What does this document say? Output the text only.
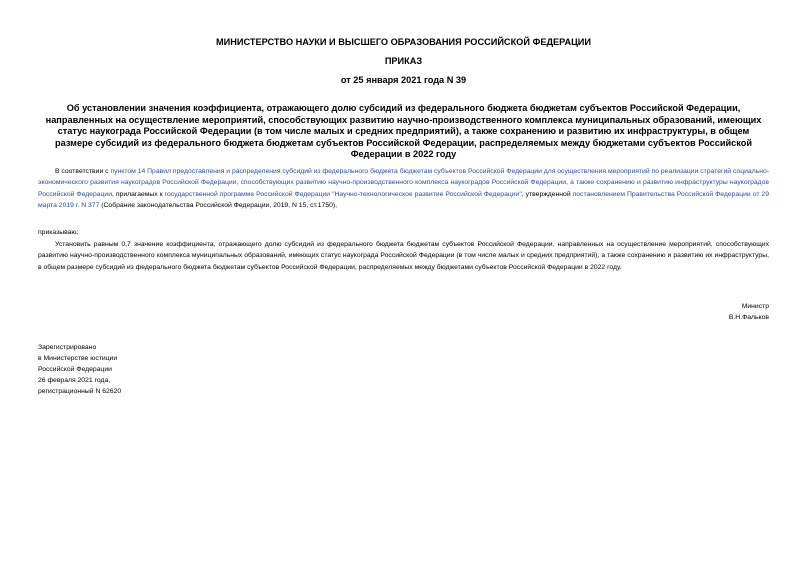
МИНИСТЕРСТВО НАУКИ И ВЫСШЕГО ОБРАЗОВАНИЯ РОССИЙСКОЙ ФЕДЕРАЦИИ
ПРИКАЗ
от 25 января 2021 года N 39
Об установлении значения коэффициента, отражающего долю субсидий из федерального бюджета бюджетам субъектов Российской Федерации, направленных на осуществление мероприятий, способствующих развитию научно-производственного комплекса муниципальных образований, имеющих статус наукограда Российской Федерации (в том числе малых и средних предприятий), а также сохранению и развитию их инфраструктуры, в общем размере субсидий из федерального бюджета бюджетам субъектов Российской Федерации, распределяемых между бюджетами субъектов Российской Федерации в 2022 году
В соответствии с пунктом 14 Правил предоставления и распределения субсидий из федерального бюджета бюджетам субъектов Российской Федерации для осуществления мероприятий по реализации стратегий социально-экономического развития наукоградов Российской Федерации, способствующих развитию научно-производственного комплекса наукоградов Российской Федерации, а также сохранению и развитию инфраструктуры наукоградов Российской Федерации, прилагаемых к государственной программе Российской Федерации "Научно-технологическое развитие Российской Федерации", утвержденной постановлением Правительства Российской Федерации от 29 марта 2019 г. N 377 (Собрание законодательства Российской Федерации, 2019, N 15, ст.1750),
приказываю:
Установить равным 0,7 значение коэффициента, отражающего долю субсидий из федерального бюджета бюджетам субъектов Российской Федерации, направленных на осуществление мероприятий, способствующих развитию научно-производственного комплекса муниципальных образований, имеющих статус наукограда Российской Федерации (в том числе малых и средних предприятий), а также сохранению и развитию их инфраструктуры, в общем размере субсидий из федерального бюджета бюджетам субъектов Российской Федерации, распределяемых между бюджетами субъектов Российской Федерации в 2022 году.
Министр
В.Н.Фальков
Зарегистрировано
в Министерстве юстиции
Российской Федерации
26 февраля 2021 года,
регистрационный N 62620
